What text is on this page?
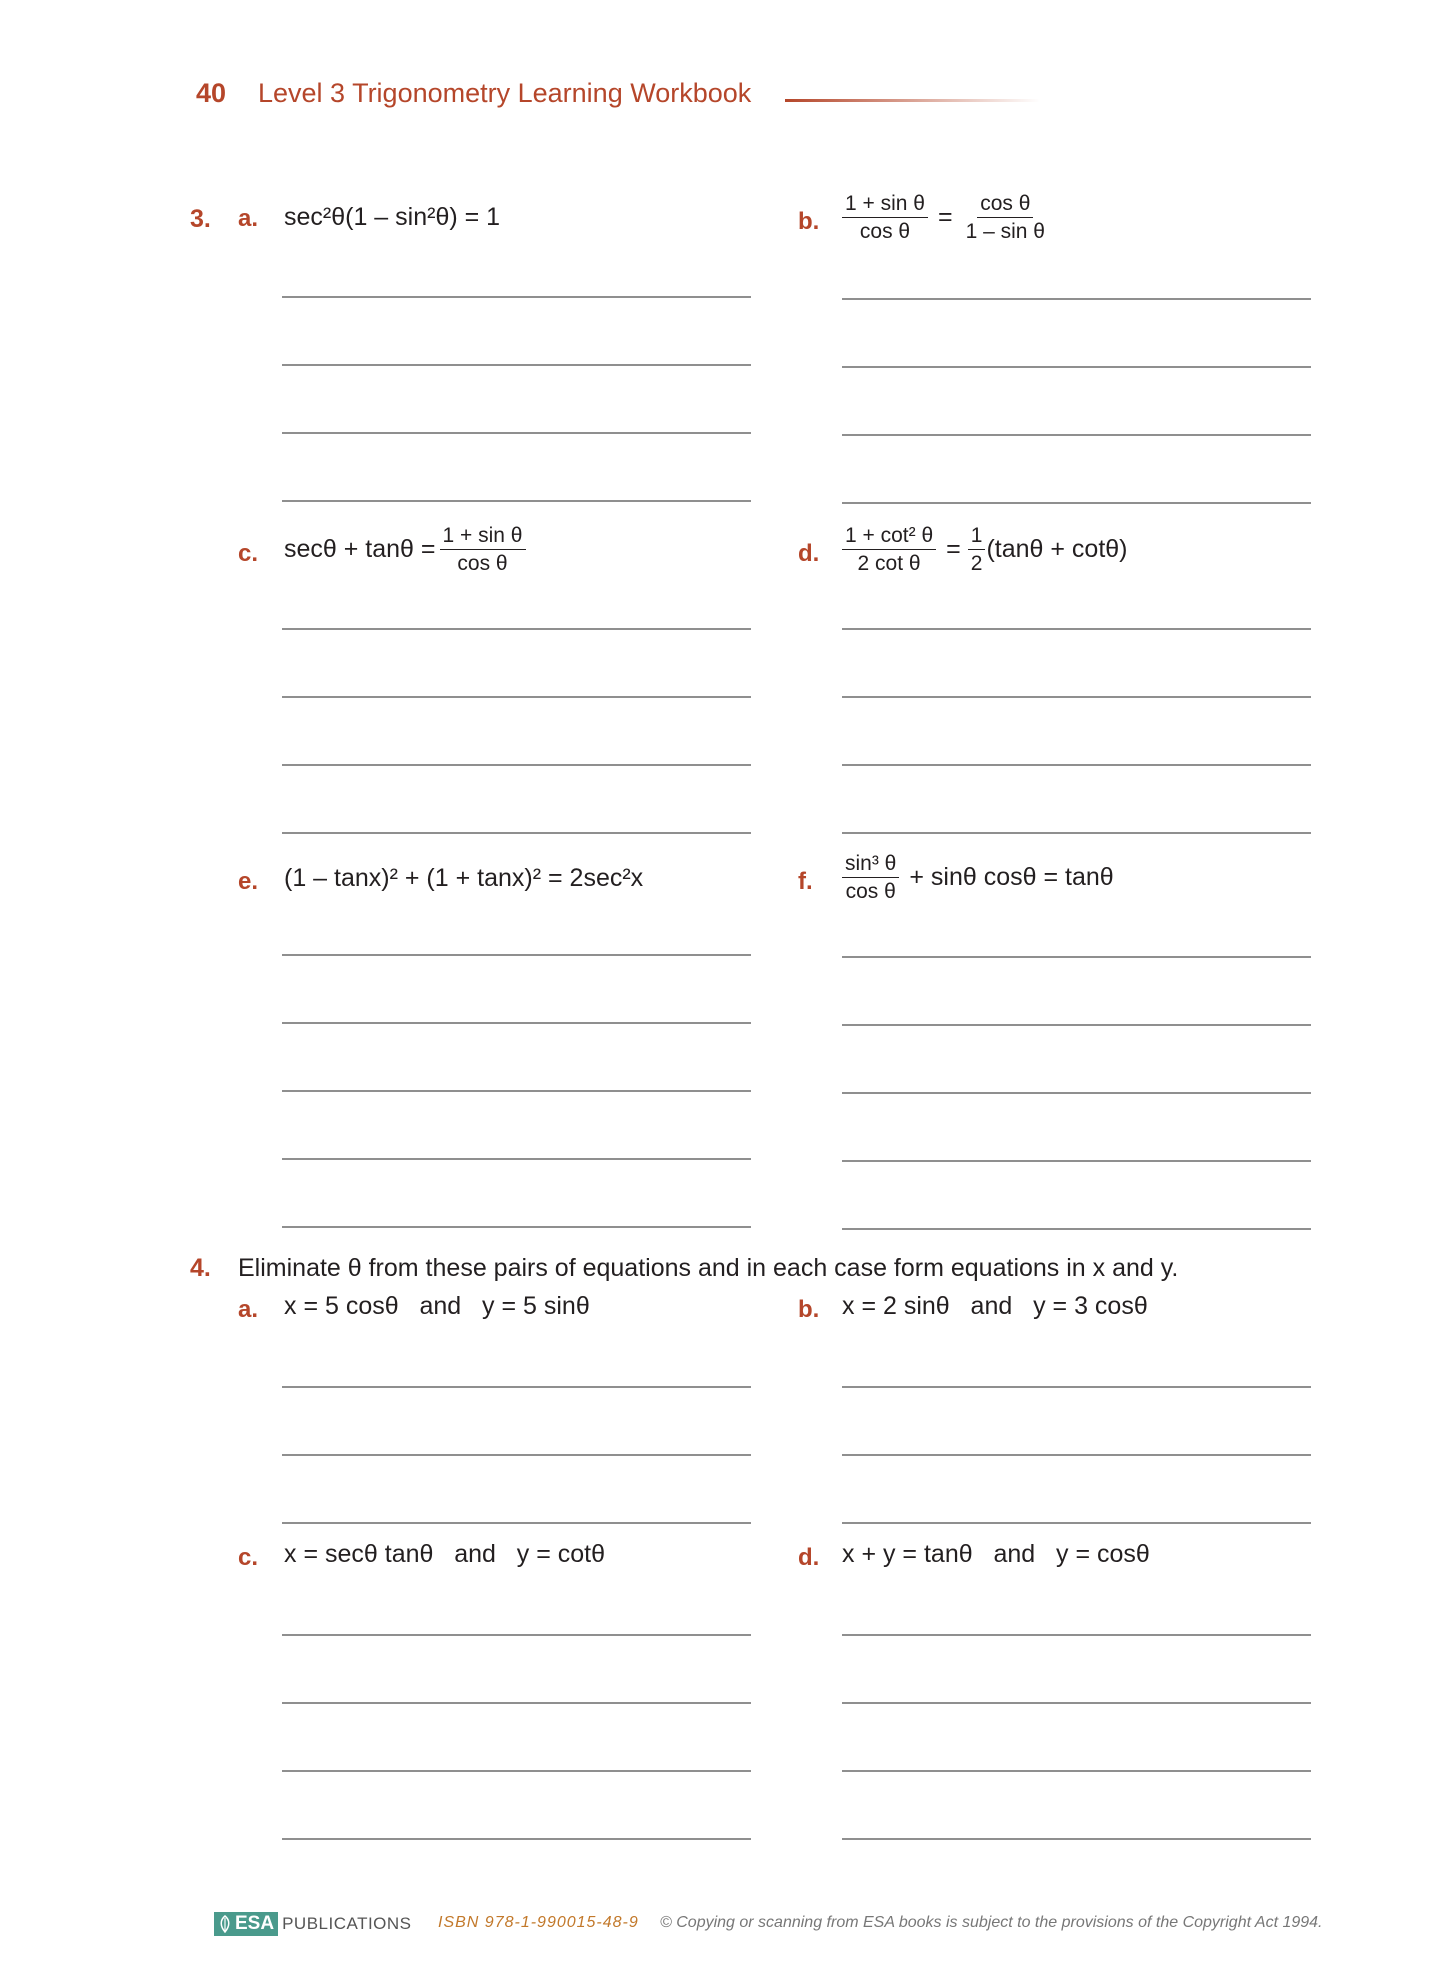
40 Level 3 Trigonometry Learning Workbook
3. a. sec²θ(1 – sin²θ) = 1	b. $\frac{\text{1 + sin θ}}{\text{cos θ}} = \frac{\text{cos θ}}{\text{1 – sin θ}}$
c. $\sec\theta + \tan\theta = \frac{\text{1 + sin θ}}{\text{cos θ}}$	d. $\frac{\text{1 + cot² θ}}{\text{2 cot θ}} = \frac{1}{2} (\tan\theta + \cot\theta)$
e. (1 – tanx)² + (1 + tanx)² = 2sec²x	f. $\frac{\text{sin³ θ}}{\text{cos θ}} + \sin\theta$ cosθ = tanθ
4. Eliminate θ from these pairs of equations and in each case form equations in x and y.
a. x = 5 cosθ   and   y = 5 sinθ	b. x = 2 sinθ   and   y = 3 cosθ
c. x = secθ tanθ   and   y = cotθ	d. x + y = tanθ   and   y = cosθ
ESA PUBLICATIONS ISBN 978-1-990015-48-9 © Copying or scanning from ESA books is subject to the provisions of the Copyright Act 1994.
